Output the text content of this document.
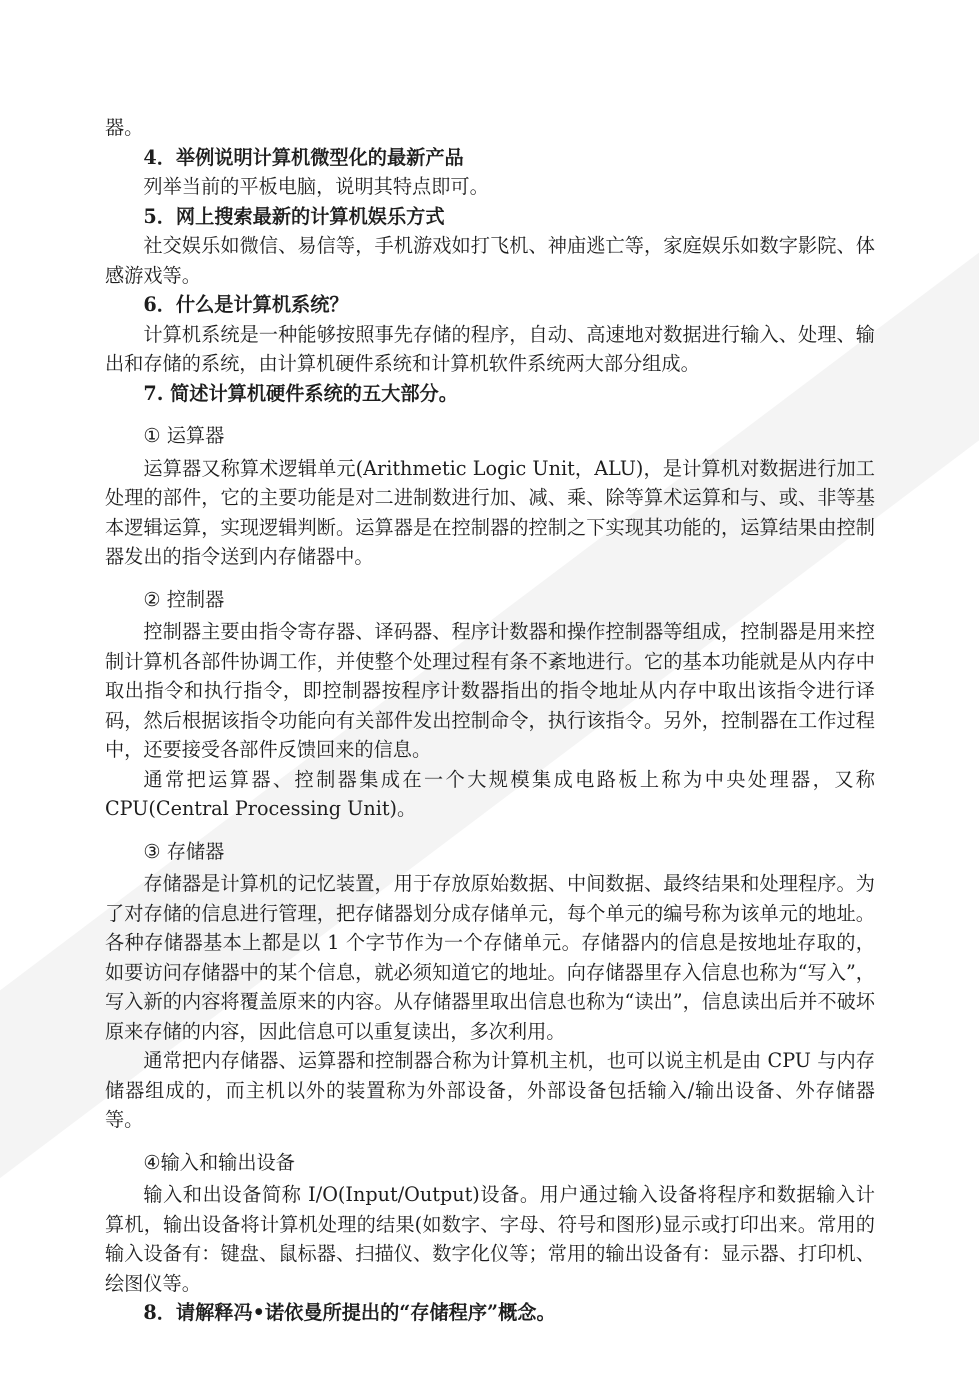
器。

4．举例说明计算机微型化的最新产品

列举当前的平板电脑，说明其特点即可。

5．网上搜索最新的计算机娱乐方式

社交娱乐如微信、易信等，手机游戏如打飞机、神庙逃亡等，家庭娱乐如数字影院、体感游戏等。

6．什么是计算机系统？

计算机系统是一种能够按照事先存储的程序，自动、高速地对数据进行输入、处理、输出和存储的系统，由计算机硬件系统和计算机软件系统两大部分组成。

7. 简述计算机硬件系统的五大部分。

① 运算器

运算器又称算术逻辑单元(Arithmetic Logic Unit，ALU)，是计算机对数据进行加工处理的部件，它的主要功能是对二进制数进行加、减、乘、除等算术运算和与、或、非等基本逻辑运算，实现逻辑判断。运算器是在控制器的控制之下实现其功能的，运算结果由控制器发出的指令送到内存储器中。

② 控制器

控制器主要由指令寄存器、译码器、程序计数器和操作控制器等组成，控制器是用来控制计算机各部件协调工作，并使整个处理过程有条不紊地进行。它的基本功能就是从内存中取出指令和执行指令，即控制器按程序计数器指出的指令地址从内存中取出该指令进行译码，然后根据该指令功能向有关部件发出控制命令，执行该指令。另外，控制器在工作过程中，还要接受各部件反馈回来的信息。

通常把运算器、控制器集成在一个大规模集成电路板上称为中央处理器，又称 CPU(Central Processing Unit)。

③ 存储器

存储器是计算机的记忆装置，用于存放原始数据、中间数据、最终结果和处理程序。为了对存储的信息进行管理，把存储器划分成存储单元，每个单元的编号称为该单元的地址。各种存储器基本上都是以 1 个字节作为一个存储单元。存储器内的信息是按地址存取的，如要访问存储器中的某个信息，就必须知道它的地址。向存储器里存入信息也称为“写入”，写入新的内容将覆盖原来的内容。从存储器里取出信息也称为“读出”，信息读出后并不破坏原来存储的内容，因此信息可以重复读出，多次利用。

通常把内存储器、运算器和控制器合称为计算机主机，也可以说主机是由 CPU 与内存储器组成的，而主机以外的装置称为外部设备，外部设备包括输入/输出设备、外存储器等。

④输入和输出设备

输入和出设备简称 I/O(Input/Output)设备。用户通过输入设备将程序和数据输入计算机，输出设备将计算机处理的结果(如数字、字母、符号和图形)显示或打印出来。常用的输入设备有：键盘、鼠标器、扫描仪、数字化仪等；常用的输出设备有：显示器、打印机、绘图仪等。

8．请解释冯•诺依曼所提出的“存储程序”概念。
